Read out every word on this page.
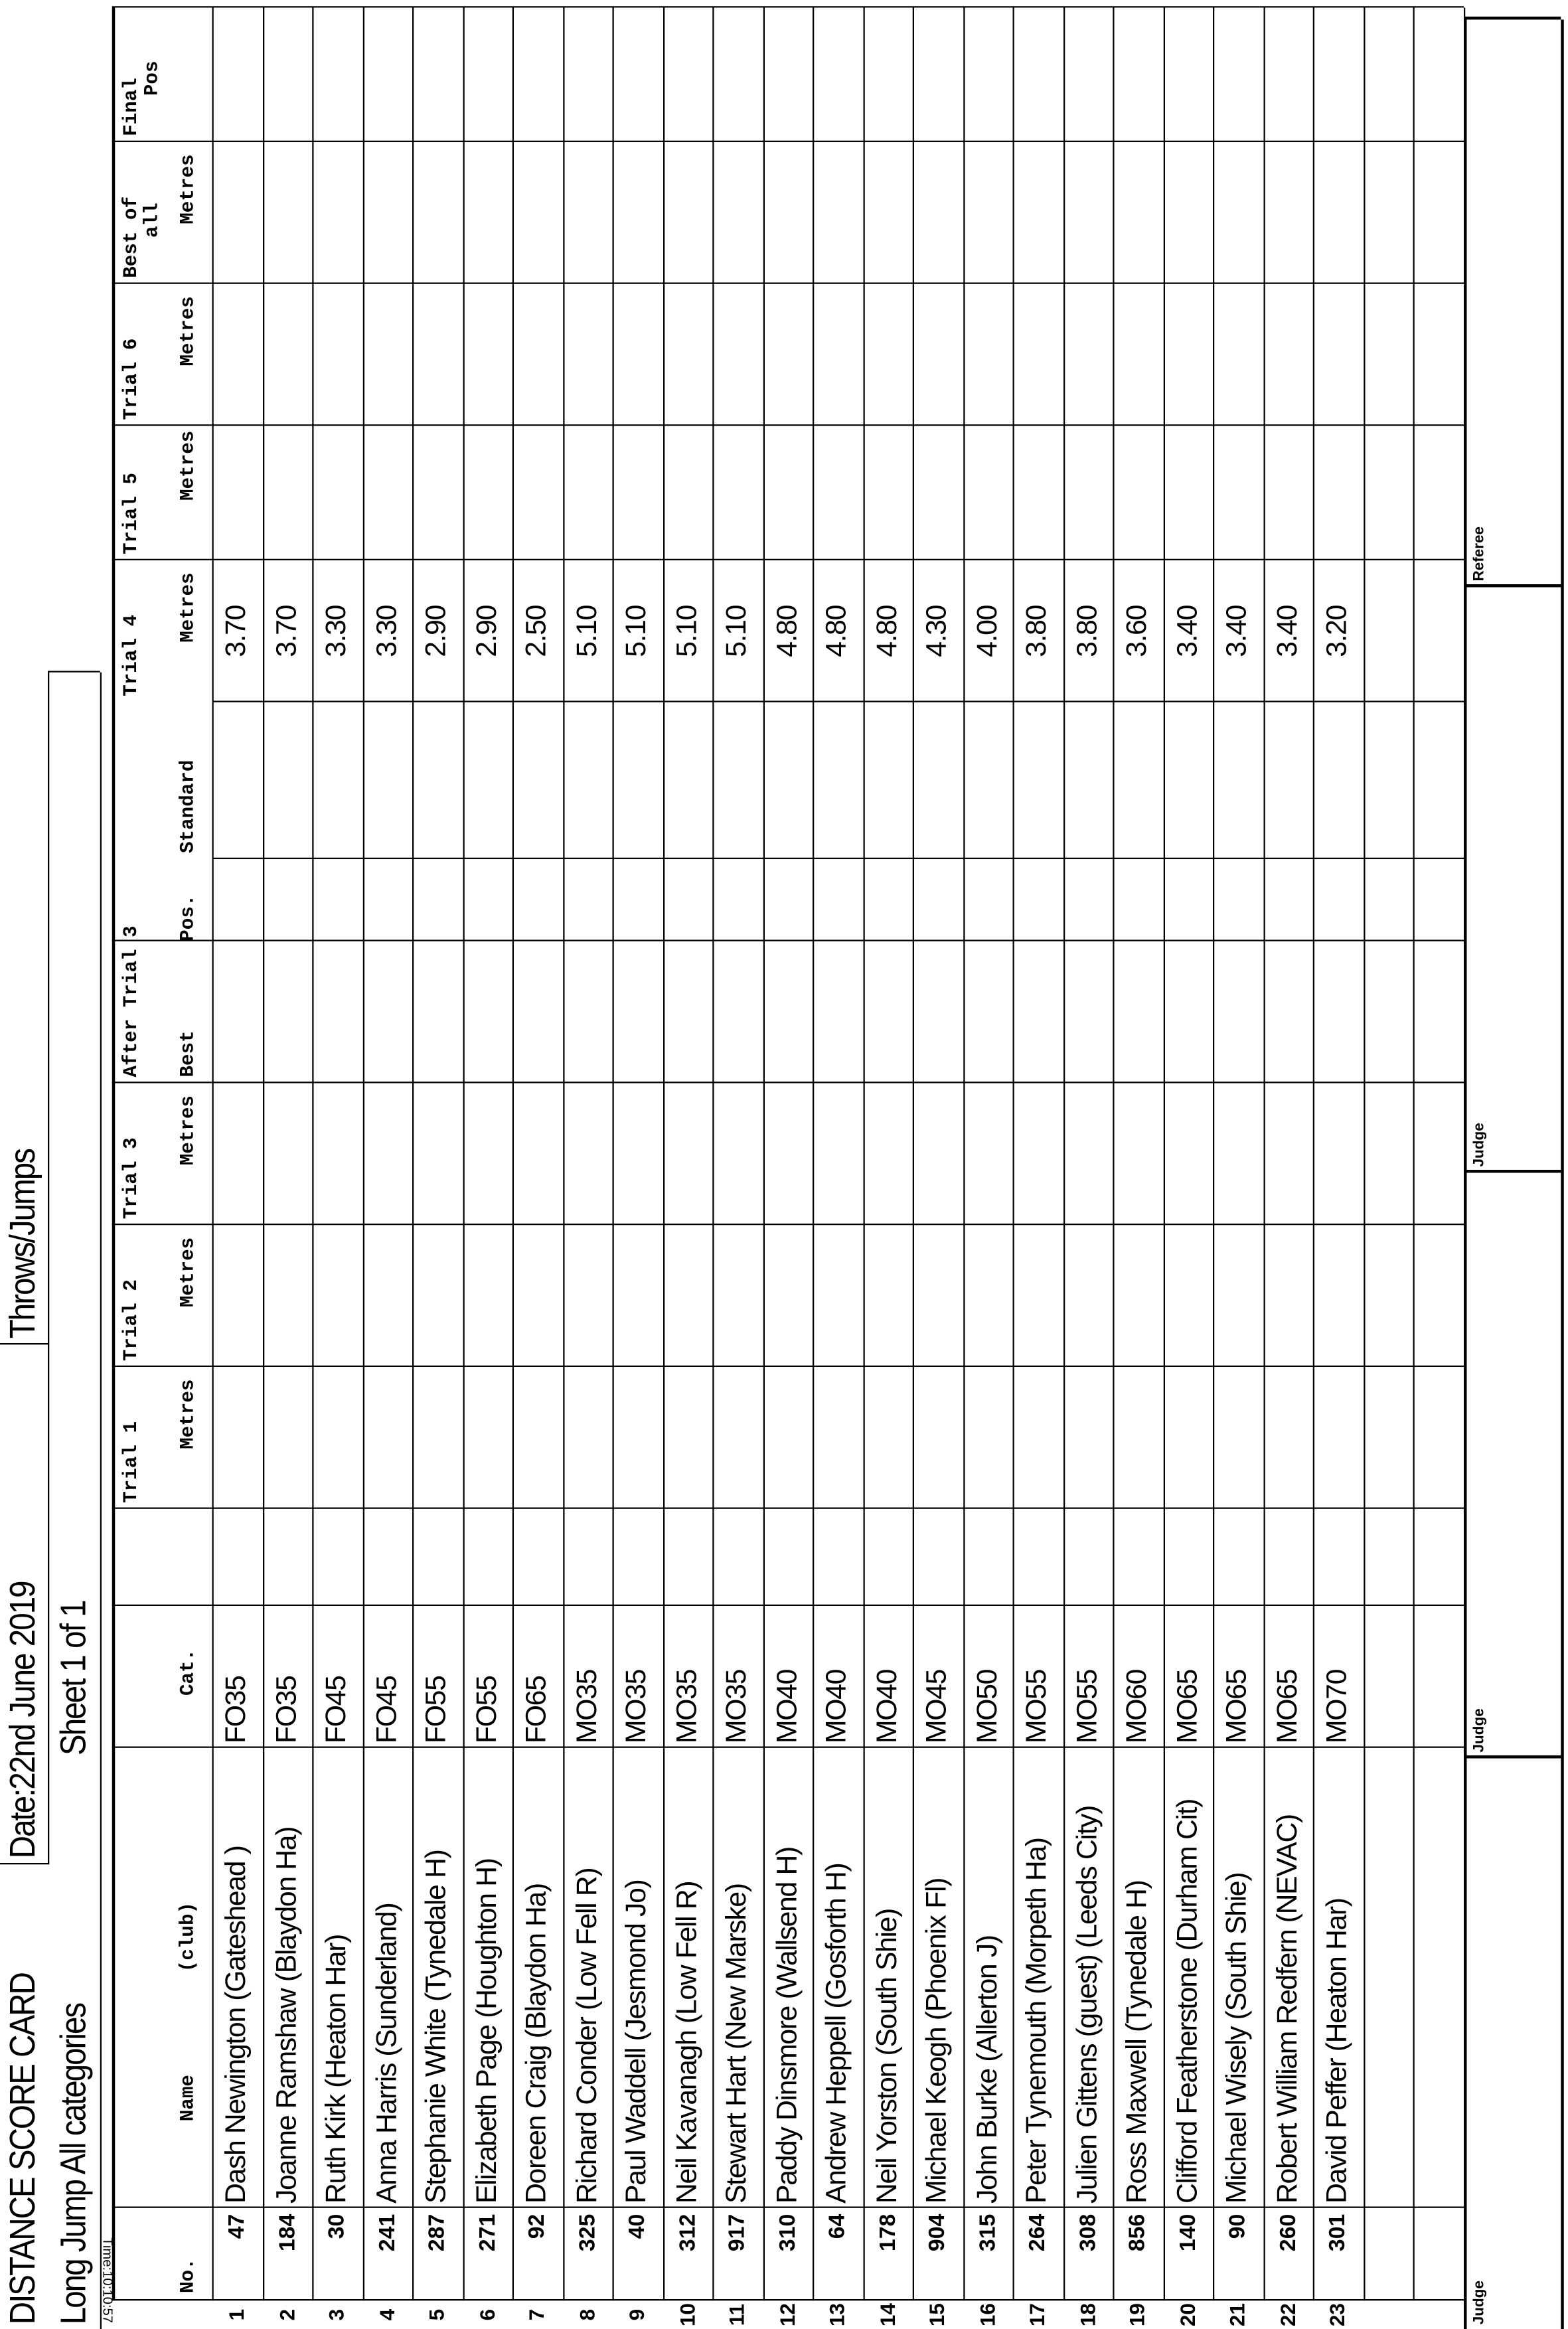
DISTANCE SCORE CARD
Date:22nd June 2019
Throws/Jumps
Long Jump All categories
Sheet 1 of 1
Time:10:10:57	No.
Name
(club)
Cat.
Trial 1
Metres
Trial 2
Metres
Trial 3
Metres
Trial 4
Metres
Trial 5
Metres
Trial 6
Metres
After Trial 3	Best
Pos.
Standard
Best of
all Metres
Final
Pos
1
47
Dash Newington (Gateshead )
FO35
3.70
2
184
Joanne Ramshaw (Blaydon Ha)
FO35
3.70
3
30
Ruth Kirk (Heaton Har)
FO45
3.30
4
241
Anna Harris (Sunderland)
FO45
3.30
5
287
Stephanie White (Tynedale H)
FO55
2.90
6
271
Elizabeth Page (Houghton H)
FO55
2.90
7
92
Doreen Craig (Blaydon Ha)
FO65
2.50
8
325
Richard Conder (Low Fell R)
MO35
5.10
9
40
Paul Waddell (Jesmond Jo)
MO35
5.10
10
312
Neil Kavanagh (Low Fell R)
MO35
5.10
11
917
Stewart Hart (New Marske)
MO35
5.10
12
310
Paddy Dinsmore (Wallsend H)
MO40
4.80
13
64
Andrew Heppell (Gosforth H)
MO40
4.80
14
178
Neil Yorston (South Shie)
MO40
4.80
15
904
Michael Keogh (Phoenix Fl)
MO45
4.30
16
315
John Burke (Allerton J)
MO50
4.00
17
264
Peter Tynemouth (Morpeth Ha)
MO55
3.80
18
308
Julien Gittens (guest) (Leeds City)
MO55
3.80
19
856
Ross Maxwell (Tynedale H)
MO60
3.60
20
140
Clifford Featherstone (Durham Cit)
MO65
3.40
21
90
Michael Wisely (South Shie)
MO65
3.40
22
260
Robert William Redfern (NEVAC)
MO65
3.40
23
301
David Peffer (Heaton Har)
MO70
3.20
Judge
Judge
Judge
Referee
